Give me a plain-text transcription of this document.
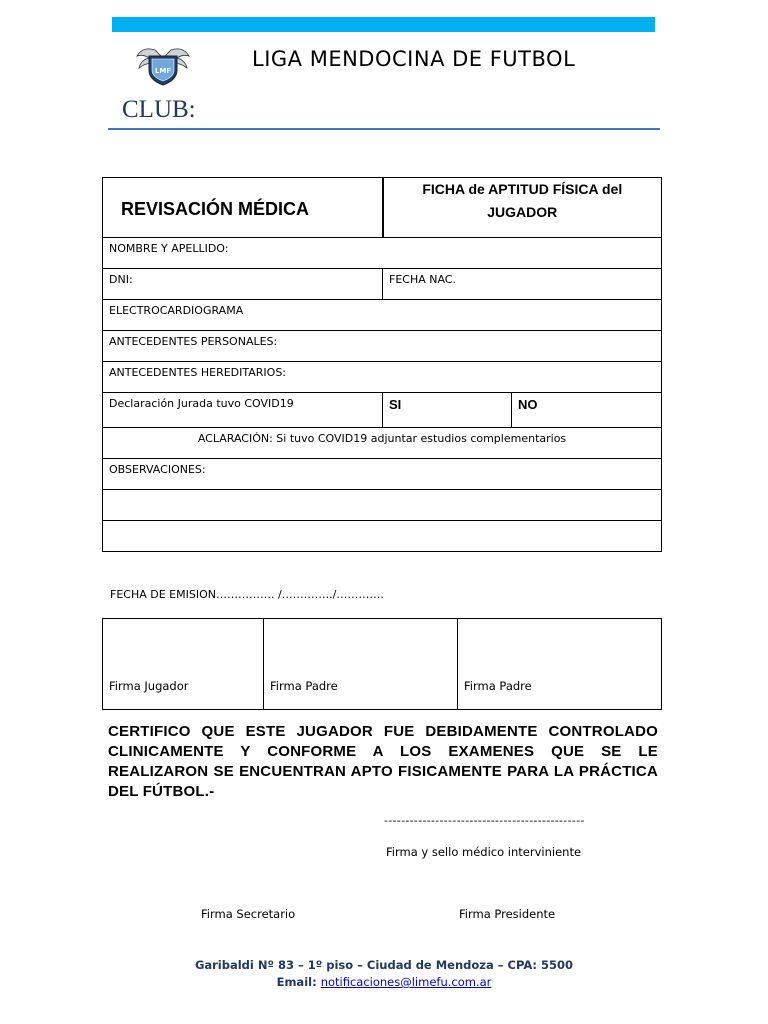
LMF	LIGA MENDOCINA DE FUTBOL
CLUB:
REVISACIÓN MÉDICA	FICHA de APTITUD FÍSICA del JUGADOR	
NOMBRE Y APELLIDO:		
DNI:	FECHA NAC.	
ELECTROCARDIOGRAMA		
ANTECEDENTES PERSONALES:		
ANTECEDENTES HEREDITARIOS:		
Declaración Jurada tuvo COVID19	SI	NO
ACLARACIÓN: Si tuvo COVID19 adjuntar estudios complementarios		
OBSERVACIONES:		

FECHA DE EMISION……………. /…………../………….
Firma Jugador	Firma Padre	Firma Padre
CERTIFICO QUE ESTE JUGADOR FUE DEBIDAMENTE CONTROLADO CLINICAMENTE Y CONFORME A LOS EXAMENES QUE SE LE REALIZARON SE ENCUENTRAN APTO FISICAMENTE PARA LA PRÁCTICA DEL FÚTBOL.-
-----------------------------------------------
Firma y sello médico interviniente
Firma Secretario	Firma Presidente
Garibaldi Nº 83 – 1º piso – Ciudad de Mendoza – CPA: 5500
Email: notificaciones@limefu.com.ar
